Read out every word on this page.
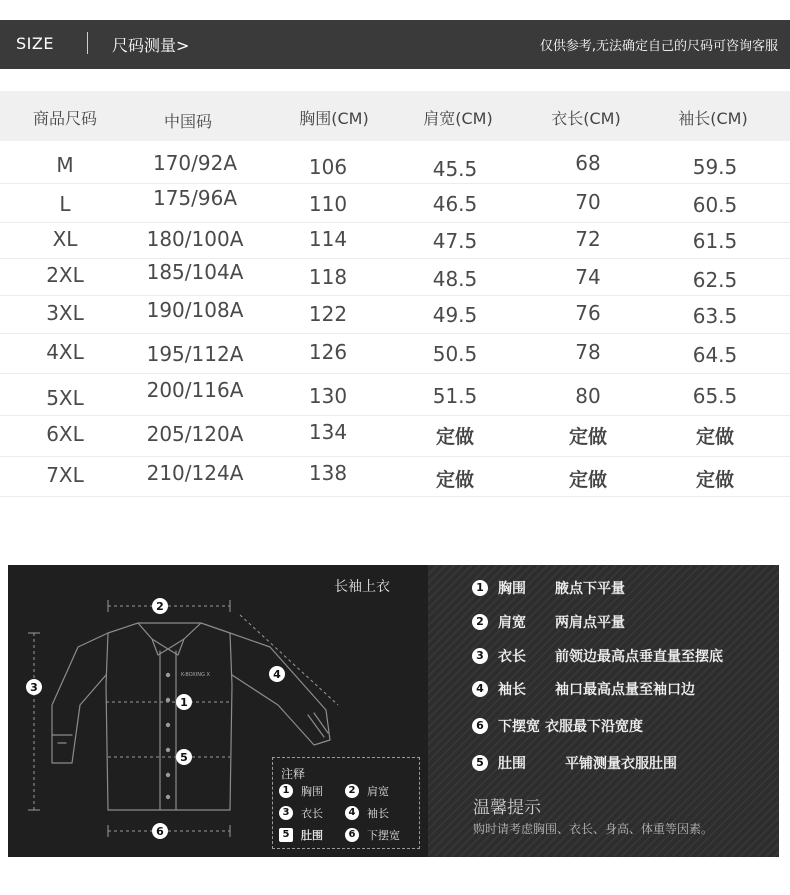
SIZE	尺码测量>	仅供参考,无法确定自己的尺码可咨询客服
商品尺码	中国码	胸围(CM)	肩宽(CM)	衣长(CM)	袖长(CM)
M	170/92A	106	45.5	68	59.5
L	175/96A	110	46.5	70	60.5
XL	180/100A	114	47.5	72	61.5
2XL	185/104A	118	48.5	74	62.5
3XL	190/108A	122	49.5	76	63.5
4XL	195/112A	126	50.5	78	64.5
5XL	200/116A	130	51.5	80	65.5
6XL	205/120A	134	定做	定做	定做
7XL	210/124A	138	定做	定做	定做
长袖上衣
K-BOXING X
2
1
5
6
3
4
注释
1	胸围	2	肩宽
3	衣长	4	袖长
5	肚围	6	下摆宽
1 胸围	腋点下平量
2 肩宽	两肩点平量
3 衣长	前领边最高点垂直量至摆底
4 袖长	袖口最高点量至袖口边
6 下摆宽 衣服最下沿宽度
5 肚围	平铺测量衣服肚围
温馨提示
购时请考虑胸围、衣长、身高、体重等因素。
